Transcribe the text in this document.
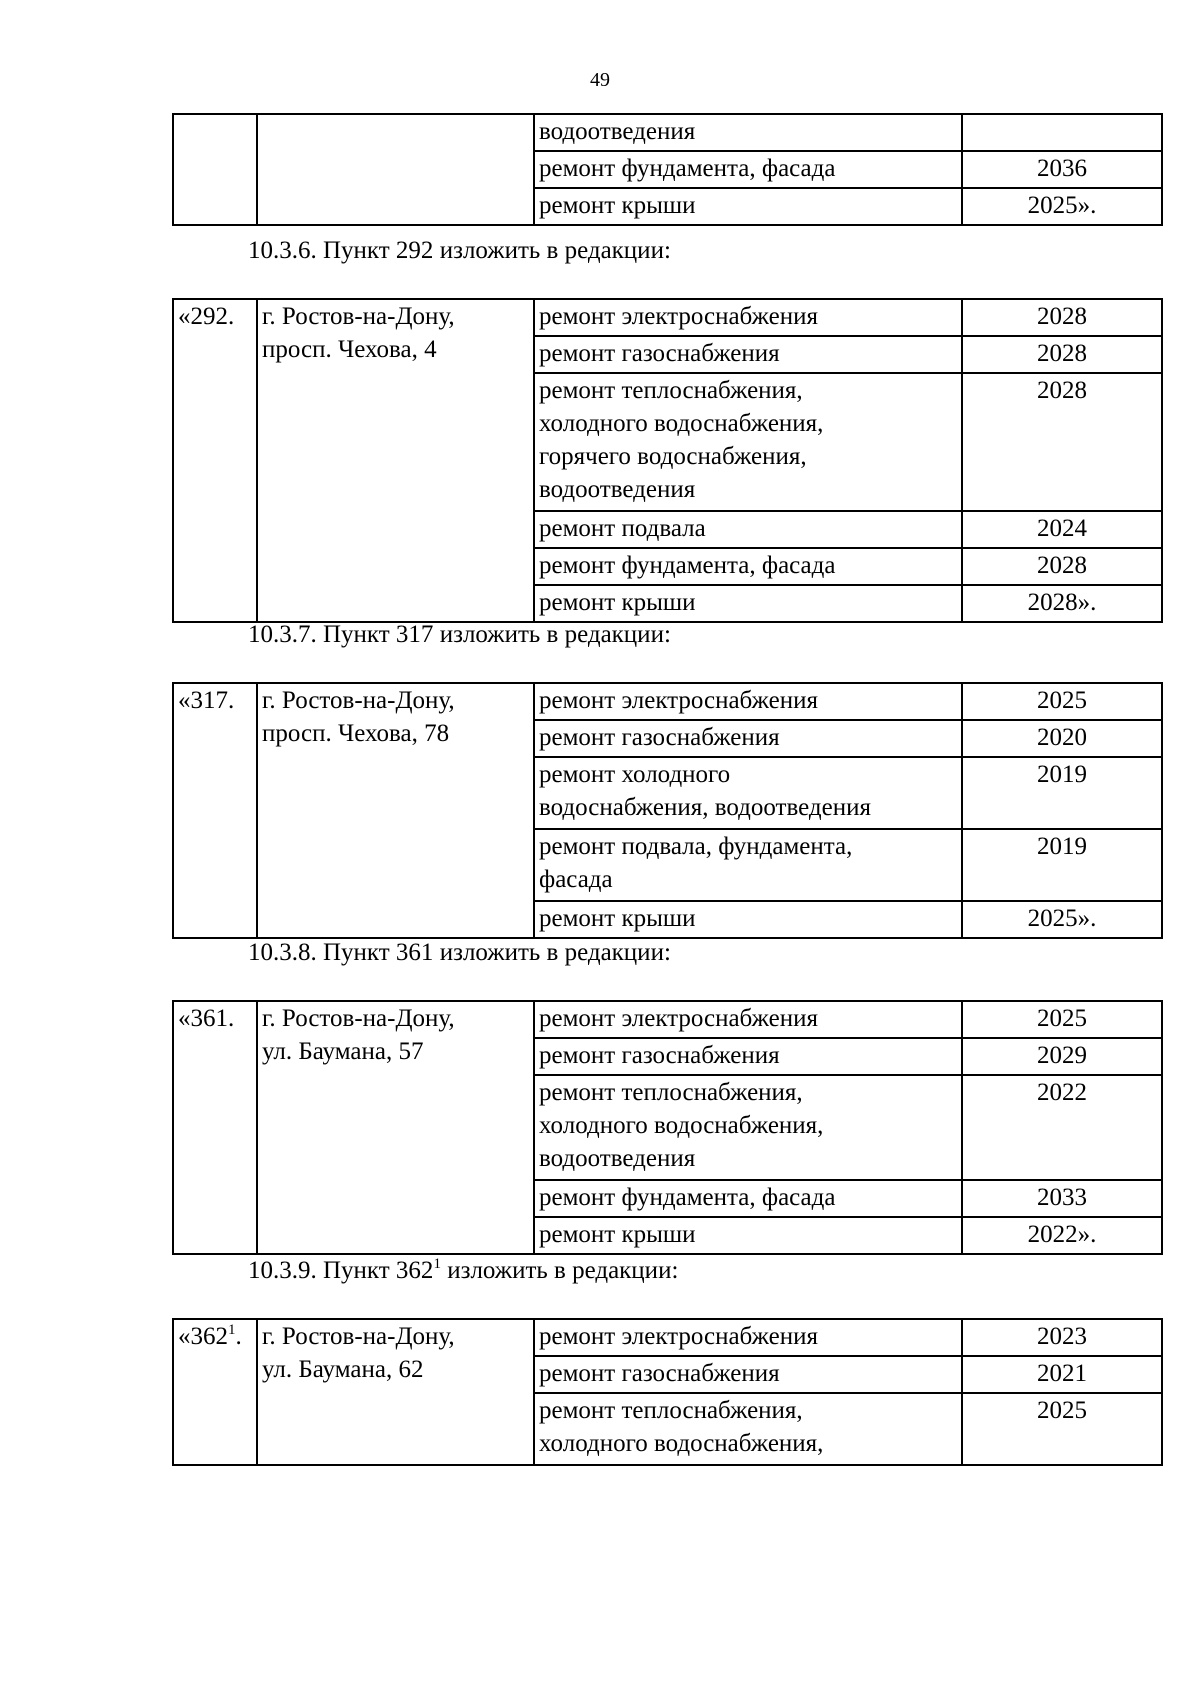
49

		водоотведения	

		ремонт фундамента, фасада	2036

		ремонт крыши	2025».
10.3.6. Пункт 292 изложить в редакции:
«292.	г. Ростов-на-Дону,
просп. Чехова, 4	ремонт электроснабжения	2028

		ремонт газоснабжения	2028

		ремонт теплоснабжения,
холодного водоснабжения,
горячего водоснабжения,
водоотведения	2028

		ремонт подвала	2024

		ремонт фундамента, фасада	2028

		ремонт крыши	2028».
10.3.7. Пункт 317 изложить в редакции:
«317.	г. Ростов-на-Дону,
просп. Чехова, 78	ремонт электроснабжения	2025

		ремонт газоснабжения	2020

		ремонт холодного
водоснабжения, водоотведения	2019

		ремонт подвала, фундамента,
фасада	2019

		ремонт крыши	2025».
10.3.8. Пункт 361 изложить в редакции:
«361.	г. Ростов-на-Дону,
ул. Баумана, 57	ремонт электроснабжения	2025

		ремонт газоснабжения	2029

		ремонт теплоснабжения,
холодного водоснабжения,
водоотведения	2022

		ремонт фундамента, фасада	2033

		ремонт крыши	2022».
10.3.9. Пункт $362^1$ изложить в редакции:
«$362^1$.	г. Ростов-на-Дону,
ул. Баумана, 62	ремонт электроснабжения	2023

		ремонт газоснабжения	2021

		ремонт теплоснабжения,
холодного водоснабжения,	2025
